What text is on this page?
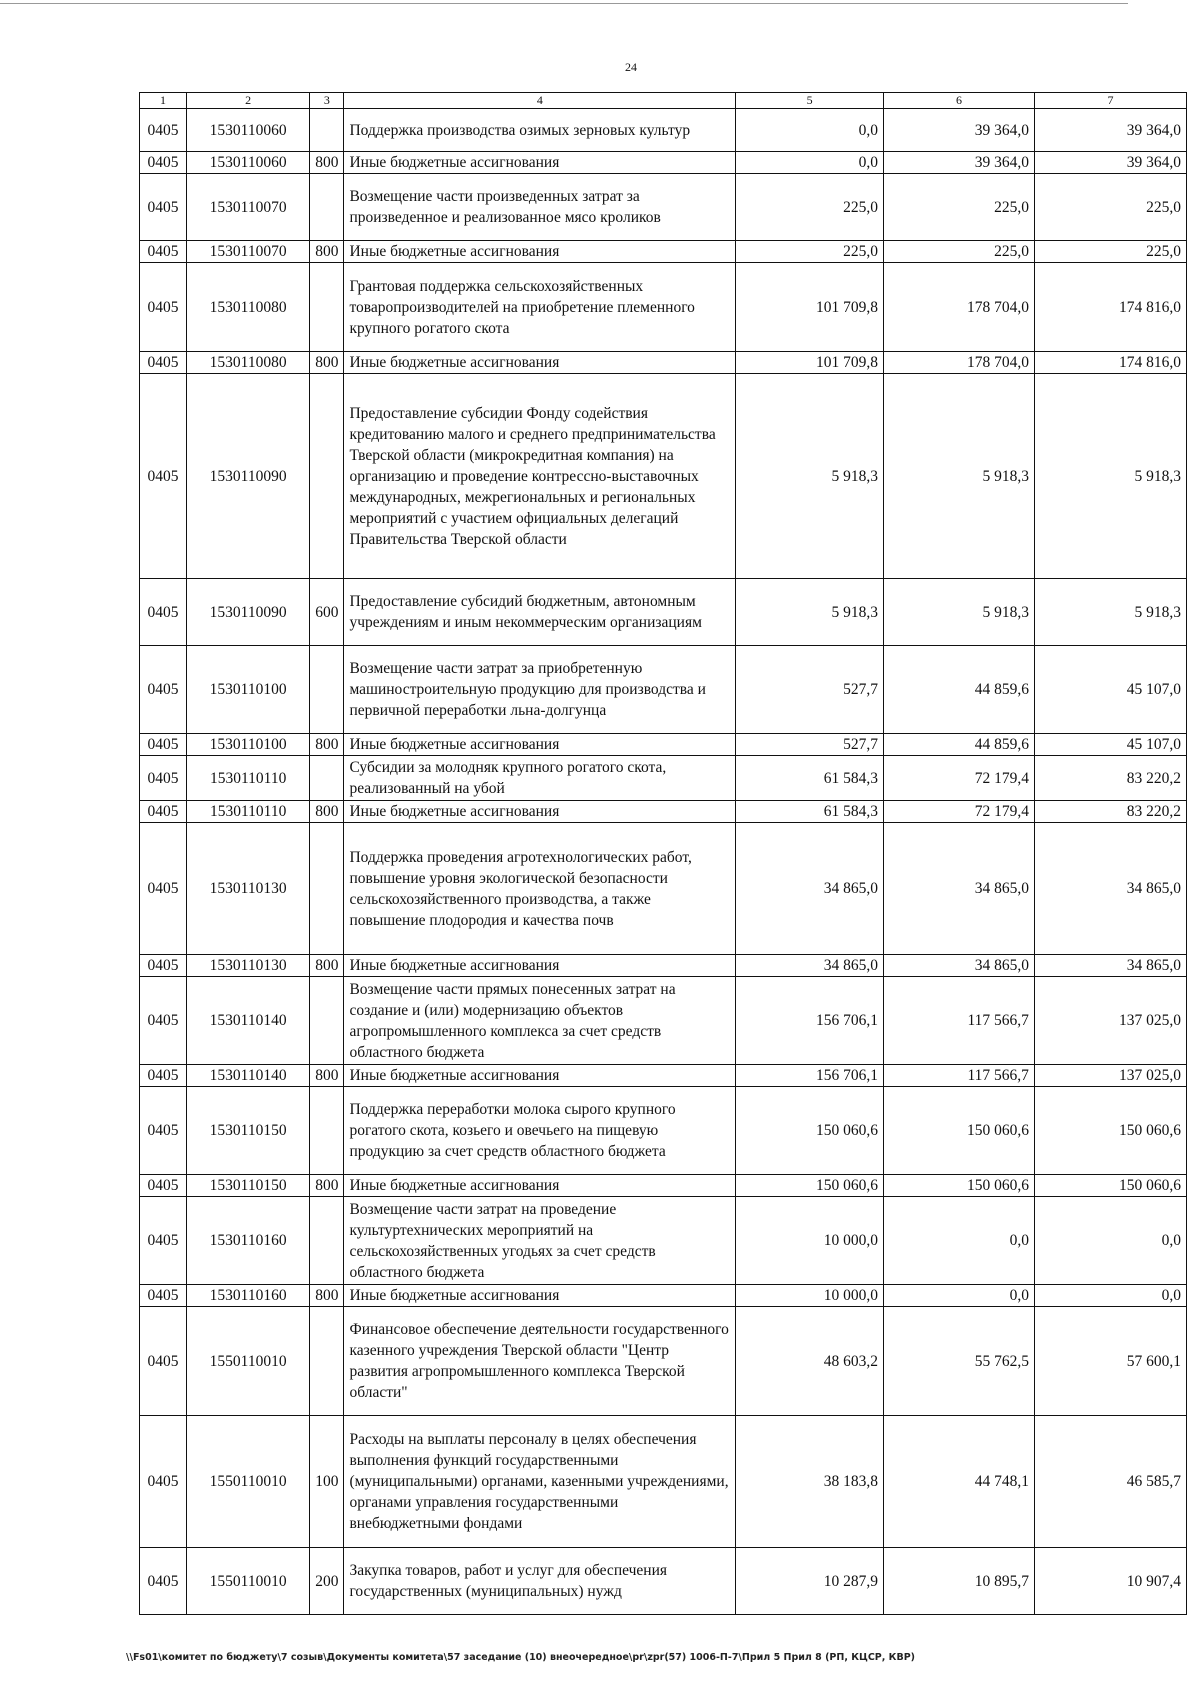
24
1	2	3	4	5	6	7
0405	1530110060		Поддержка производства озимых зерновых культур	0,0	39 364,0	39 364,0
0405	1530110060	800	Иные бюджетные ассигнования	0,0	39 364,0	39 364,0
0405	1530110070		Возмещение части произведенных затрат за произведенное и реализованное мясо кроликов	225,0	225,0	225,0
0405	1530110070	800	Иные бюджетные ассигнования	225,0	225,0	225,0
0405	1530110080		Грантовая поддержка сельскохозяйственных товаропроизводителей на приобретение племенного крупного рогатого скота	101 709,8	178 704,0	174 816,0
0405	1530110080	800	Иные бюджетные ассигнования	101 709,8	178 704,0	174 816,0
0405	1530110090		Предоставление субсидии Фонду содействия кредитованию малого и среднего предпринимательства Тверской области (микрокредитная компания) на организацию и проведение контрессно-выставочных международных, межрегиональных и региональных мероприятий с участием официальных делегаций Правительства Тверской области	5 918,3	5 918,3	5 918,3
0405	1530110090	600	Предоставление субсидий бюджетным, автономным учреждениям и иным некоммерческим организациям	5 918,3	5 918,3	5 918,3
0405	1530110100		Возмещение части затрат за приобретенную машиностроительную продукцию для производства и первичной переработки льна-долгунца	527,7	44 859,6	45 107,0
0405	1530110100	800	Иные бюджетные ассигнования	527,7	44 859,6	45 107,0
0405	1530110110		Субсидии за молодняк крупного рогатого скота, реализованный на убой	61 584,3	72 179,4	83 220,2
0405	1530110110	800	Иные бюджетные ассигнования	61 584,3	72 179,4	83 220,2
0405	1530110130		Поддержка проведения агротехнологических работ, повышение уровня экологической безопасности сельскохозяйственного производства, а также повышение плодородия и качества почв	34 865,0	34 865,0	34 865,0
0405	1530110130	800	Иные бюджетные ассигнования	34 865,0	34 865,0	34 865,0
0405	1530110140		Возмещение части прямых понесенных затрат на создание и (или) модернизацию объектов агропромышленного комплекса за счет средств областного бюджета	156 706,1	117 566,7	137 025,0
0405	1530110140	800	Иные бюджетные ассигнования	156 706,1	117 566,7	137 025,0
0405	1530110150		Поддержка переработки молока сырого крупного рогатого скота, козьего и овечьего на пищевую продукцию за счет средств областного бюджета	150 060,6	150 060,6	150 060,6
0405	1530110150	800	Иные бюджетные ассигнования	150 060,6	150 060,6	150 060,6
0405	1530110160		Возмещение части затрат на проведение культуртехнических мероприятий на сельскохозяйственных угодьях за счет средств областного бюджета	10 000,0	0,0	0,0
0405	1530110160	800	Иные бюджетные ассигнования	10 000,0	0,0	0,0
0405	1550110010		Финансовое обеспечение деятельности государственного казенного учреждения Тверской области "Центр развития агропромышленного комплекса Тверской области"	48 603,2	55 762,5	57 600,1
0405	1550110010	100	Расходы на выплаты персоналу в целях обеспечения выполнения функций государственными (муниципальными) органами, казенными учреждениями, органами управления государственными внебюджетными фондами	38 183,8	44 748,1	46 585,7
0405	1550110010	200	Закупка товаров, работ и услуг для обеспечения государственных (муниципальных) нужд	10 287,9	10 895,7	10 907,4
\\Fs01\комитет по бюджету\7 созыв\Документы комитета\57 заседание (10) внеочередное\pr\zpr(57) 1006-П-7\Прил 5 Прил 8 (РП, КЦСР, КВР)
